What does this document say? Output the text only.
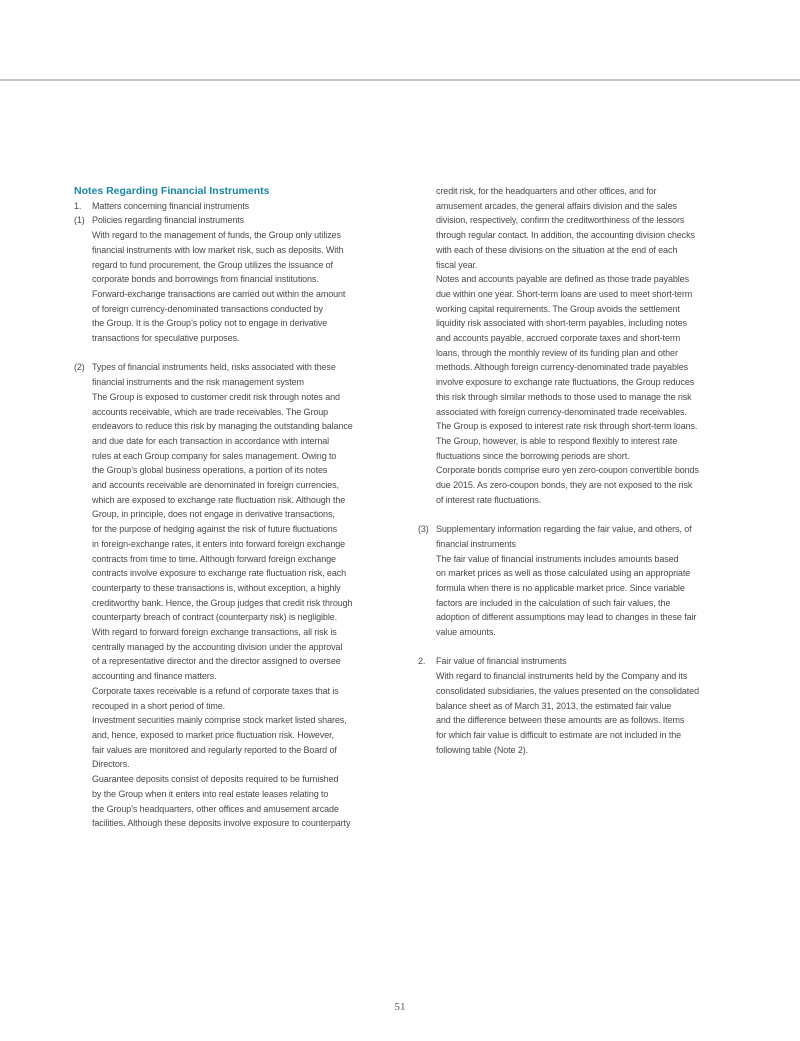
Notes Regarding Financial Instruments
1. Matters concerning financial instruments
(1) Policies regarding financial instruments
With regard to the management of funds, the Group only utilizes
financial instruments with low market risk, such as deposits. With
regard to fund procurement, the Group utilizes the issuance of
corporate bonds and borrowings from financial institutions.
Forward-exchange transactions are carried out within the amount
of foreign currency-denominated transactions conducted by
the Group. It is the Group’s policy not to engage in derivative
transactions for speculative purposes.
(2) Types of financial instruments held, risks associated with these
financial instruments and the risk management system
The Group is exposed to customer credit risk through notes and
accounts receivable, which are trade receivables. The Group
endeavors to reduce this risk by managing the outstanding balance
and due date for each transaction in accordance with internal
rules at each Group company for sales management. Owing to
the Group’s global business operations, a portion of its notes
and accounts receivable are denominated in foreign currencies,
which are exposed to exchange rate fluctuation risk. Although the
Group, in principle, does not engage in derivative transactions,
for the purpose of hedging against the risk of future fluctuations
in foreign-exchange rates, it enters into forward foreign exchange
contracts from time to time. Although forward foreign exchange
contracts involve exposure to exchange rate fluctuation risk, each
counterparty to these transactions is, without exception, a highly
creditworthy bank. Hence, the Group judges that credit risk through
counterparty breach of contract (counterparty risk) is negligible.
With regard to forward foreign exchange transactions, all risk is
centrally managed by the accounting division under the approval
of a representative director and the director assigned to oversee
accounting and finance matters.
Corporate taxes receivable is a refund of corporate taxes that is
recouped in a short period of time.
Investment securities mainly comprise stock market listed shares,
and, hence, exposed to market price fluctuation risk. However,
fair values are monitored and regularly reported to the Board of
Directors.
Guarantee deposits consist of deposits required to be furnished
by the Group when it enters into real estate leases relating to
the Group’s headquarters, other offices and amusement arcade
facilities. Although these deposits involve exposure to counterparty
credit risk, for the headquarters and other offices, and for
amusement arcades, the general affairs division and the sales
division, respectively, confirm the creditworthiness of the lessors
through regular contact. In addition, the accounting division checks
with each of these divisions on the situation at the end of each
fiscal year.
Notes and accounts payable are defined as those trade payables
due within one year. Short-term loans are used to meet short-term
working capital requirements. The Group avoids the settlement
liquidity risk associated with short-term payables, including notes
and accounts payable, accrued corporate taxes and short-term
loans, through the monthly review of its funding plan and other
methods. Although foreign currency-denominated trade payables
involve exposure to exchange rate fluctuations, the Group reduces
this risk through similar methods to those used to manage the risk
associated with foreign currency-denominated trade receivables.
The Group is exposed to interest rate risk through short-term loans.
The Group, however, is able to respond flexibly to interest rate
fluctuations since the borrowing periods are short.
Corporate bonds comprise euro yen zero-coupon convertible bonds
due 2015. As zero-coupon bonds, they are not exposed to the risk
of interest rate fluctuations.
(3) Supplementary information regarding the fair value, and others, of
financial instruments
The fair value of financial instruments includes amounts based
on market prices as well as those calculated using an appropriate
formula when there is no applicable market price. Since variable
factors are included in the calculation of such fair values, the
adoption of different assumptions may lead to changes in these fair
value amounts.
2. Fair value of financial instruments
With regard to financial instruments held by the Company and its
consolidated subsidiaries, the values presented on the consolidated
balance sheet as of March 31, 2013, the estimated fair value
and the difference between these amounts are as follows. Items
for which fair value is difficult to estimate are not included in the
following table (Note 2).
51
